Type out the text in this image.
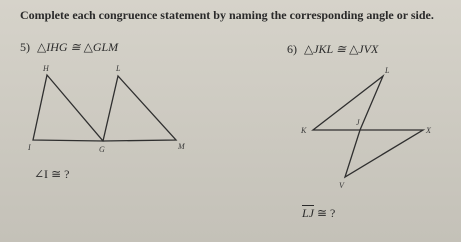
Complete each congruence statement by naming the corresponding angle or side.
5) △IHG ≅ △GLM
H	L
I	G	M
∠I ≅ ?
6) △JKL ≅ △JVX
L
K
J
X
V
$\overline{LJ}$ ≅ ?
